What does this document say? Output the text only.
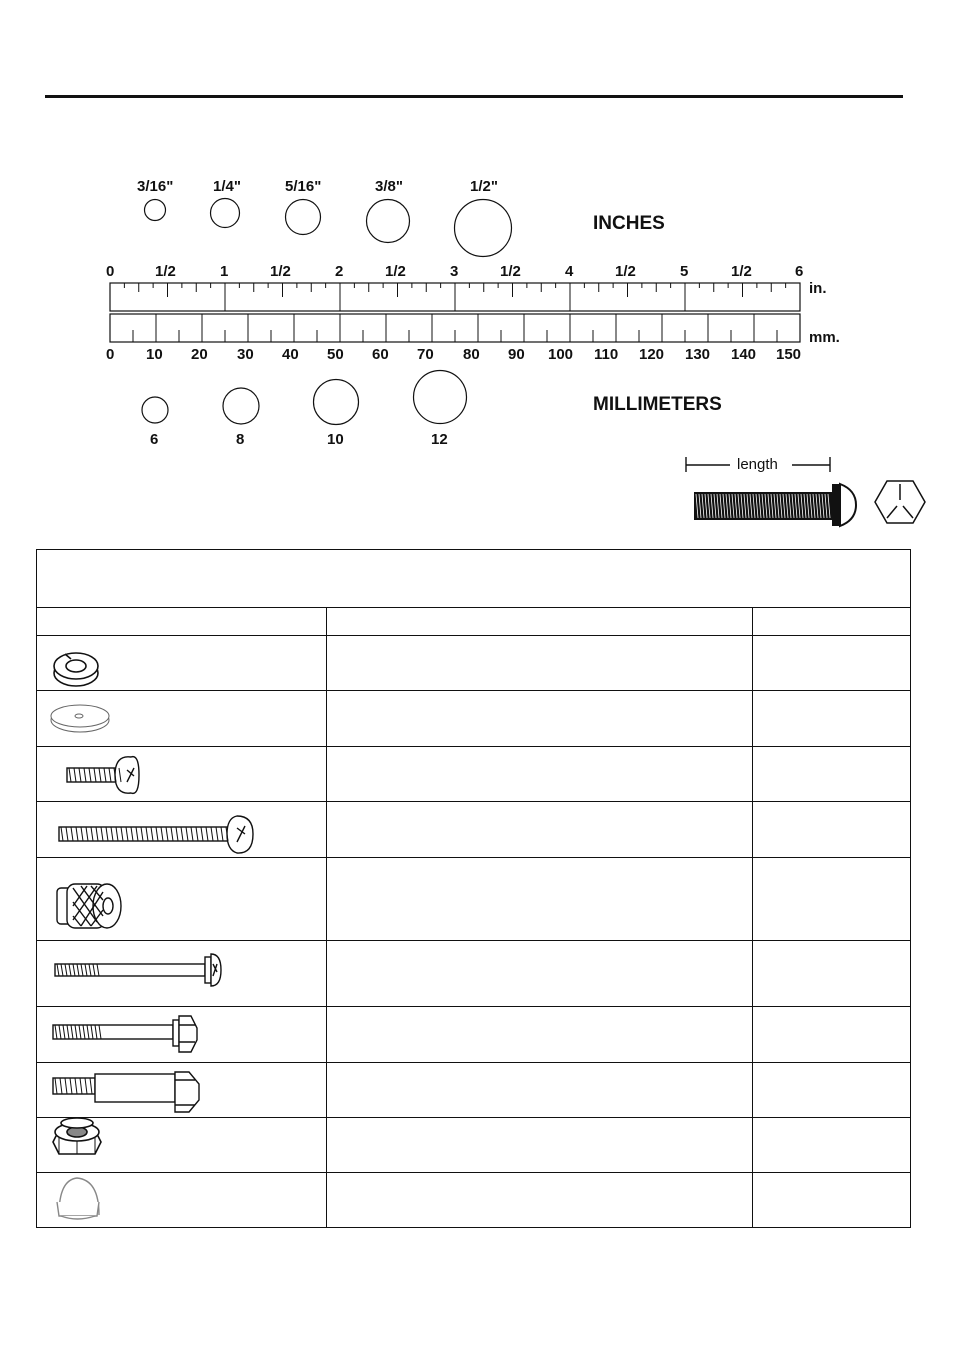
3/16"	1/4"	5/16"	3/8"	1/2"
INCHES
0	1/2	1	1/2	2	1/2	3	1/2	4	1/2	5	1/2	6
in.
mm.
0 10 20 30 40 50 60 70 80 90 100 110 120 130 140 150
MILLIMETERS
6	8	10	12
length
